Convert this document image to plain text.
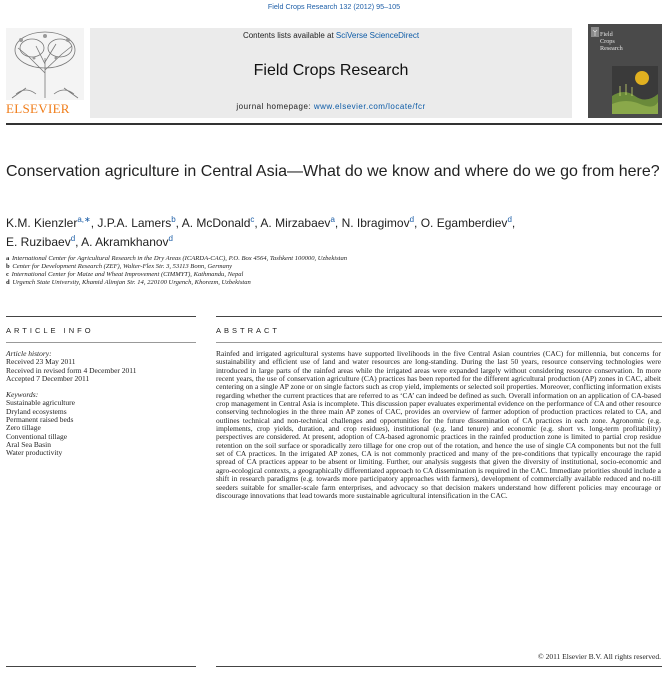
Field Crops Research 132 (2012) 95–105
ELSEVIER
Contents lists available at SciVerse ScienceDirect
Field Crops Research
journal homepage: www.elsevier.com/locate/fcr
Field
Crops
Research
Conservation agriculture in Central Asia—What do we know and where do we go from here?
K.M. Kienzler$^{a,∗}$, J.P.A. Lamers$^b$, A. McDonald$^c$, A. Mirzabaev$^a$, N. Ibragimov$^d$, O. Egamberdiev$^d$,
E. Ruzibaev$^d$, A. Akramkhanov$^d$
a International Center for Agricultural Research in the Dry Areas (ICARDA-CAC), P.O. Box 4564, Tashkent 100000, Uzbekistan
b Center for Development Research (ZEF), Walter-Flex Str. 3, 53113 Bonn, Germany
c International Center for Maize and Wheat Improvement (CIMMYT), Kathmandu, Nepal
d Urgench State University, Khamid Alimjan Str. 14, 220100 Urgench, Khorezm, Uzbekistan
ARTICLE INFO	ABSTRACT
Article history:
Received 23 May 2011
Received in revised form 4 December 2011
Accepted 7 December 2011
Keywords:
Sustainable agriculture
Dryland ecosystems
Permanent raised beds
Zero tillage
Conventional tillage
Aral Sea Basin
Water productivity
Rainfed and irrigated agricultural systems have supported livelihoods in the five Central Asian countries (CAC) for millennia, but concerns for sustainability and efficient use of land and water resources are long-standing. During the last 50 years, resource conserving technologies were introduced in large parts of the rainfed areas while the irrigated areas were expanded largely without considering resource conservation. In more recent years, the use of conservation agriculture (CA) practices has been reported for the different agricultural production (AP) zones in CAC, albeit centering on a single AP zone or on single factors such as crop yield, implements or selected soil properties. Moreover, conflicting information exists regarding whether the current practices that are referred to as ‘CA’ can indeed be defined as such. Overall information on an application of CA-based crop management in Central Asia is incomplete. This discussion paper evaluates experimental evidence on the performance of CA and other resource conserving technologies in the three main AP zones of CAC, provides an overview of farmer adoption of production practices related to CA, and outlines technical and non-technical challenges and opportunities for the future dissemination of CA practices in each zone. Agronomic (e.g. implements, crop yields, duration, and crop residues), institutional (e.g. land tenure) and economic (e.g. short vs. long-term profitability) perspectives are considered. At present, adoption of CA-based agronomic practices in the rainfed production zone is limited to partial crop residue retention on the soil surface or sporadically zero tillage for one crop out of the rotation, and hence the use of single CA components but not the full set of CA practices. In the irrigated AP zones, CA is not commonly practiced and many of the pre-conditions that typically encourage the rapid spread of CA practices appear to be absent or limiting. Further, our analysis suggests that given the diversity of institutional, socio-economic and agro-ecological contexts, a geographically differentiated approach to CA dissemination is required in the CAC. Immediate priorities should include a shift in research paradigms (e.g. towards more participatory approaches with farmers), development of commercially available reduced and no-till seeders suitable for smaller-scale farm enterprises, and advocacy so that decision makers understand how different policies may encourage or discourage innovations that lead towards more sustainable agricultural intensification in the CAC.
© 2011 Elsevier B.V. All rights reserved.
